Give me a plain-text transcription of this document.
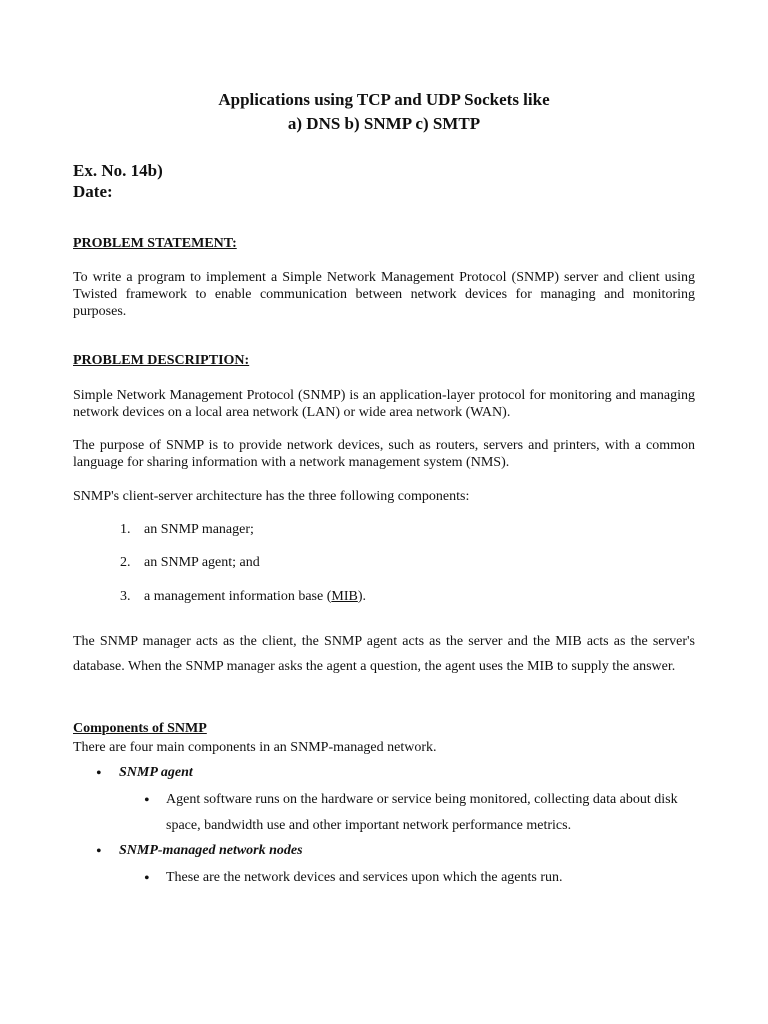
Applications using TCP and UDP Sockets like
a) DNS b) SNMP c) SMTP
Ex. No. 14b)
Date:
PROBLEM STATEMENT:
To write a program to implement a Simple Network Management Protocol (SNMP) server and client using Twisted framework to enable communication between network devices for managing and monitoring purposes.
PROBLEM DESCRIPTION:
Simple Network Management Protocol (SNMP) is an application-layer protocol for monitoring and managing network devices on a local area network (LAN) or wide area network (WAN).
The purpose of SNMP is to provide network devices, such as routers, servers and printers, with a common language for sharing information with a network management system (NMS).
SNMP's client-server architecture has the three following components:
1. an SNMP manager;
2. an SNMP agent; and
3. a management information base (MIB).
The SNMP manager acts as the client, the SNMP agent acts as the server and the MIB acts as the server's database. When the SNMP manager asks the agent a question, the agent uses the MIB to supply the answer.
Components of SNMP
There are four main components in an SNMP-managed network.
• SNMP agent
• Agent software runs on the hardware or service being monitored, collecting data about disk space, bandwidth use and other important network performance metrics.
• SNMP-managed network nodes
• These are the network devices and services upon which the agents run.
